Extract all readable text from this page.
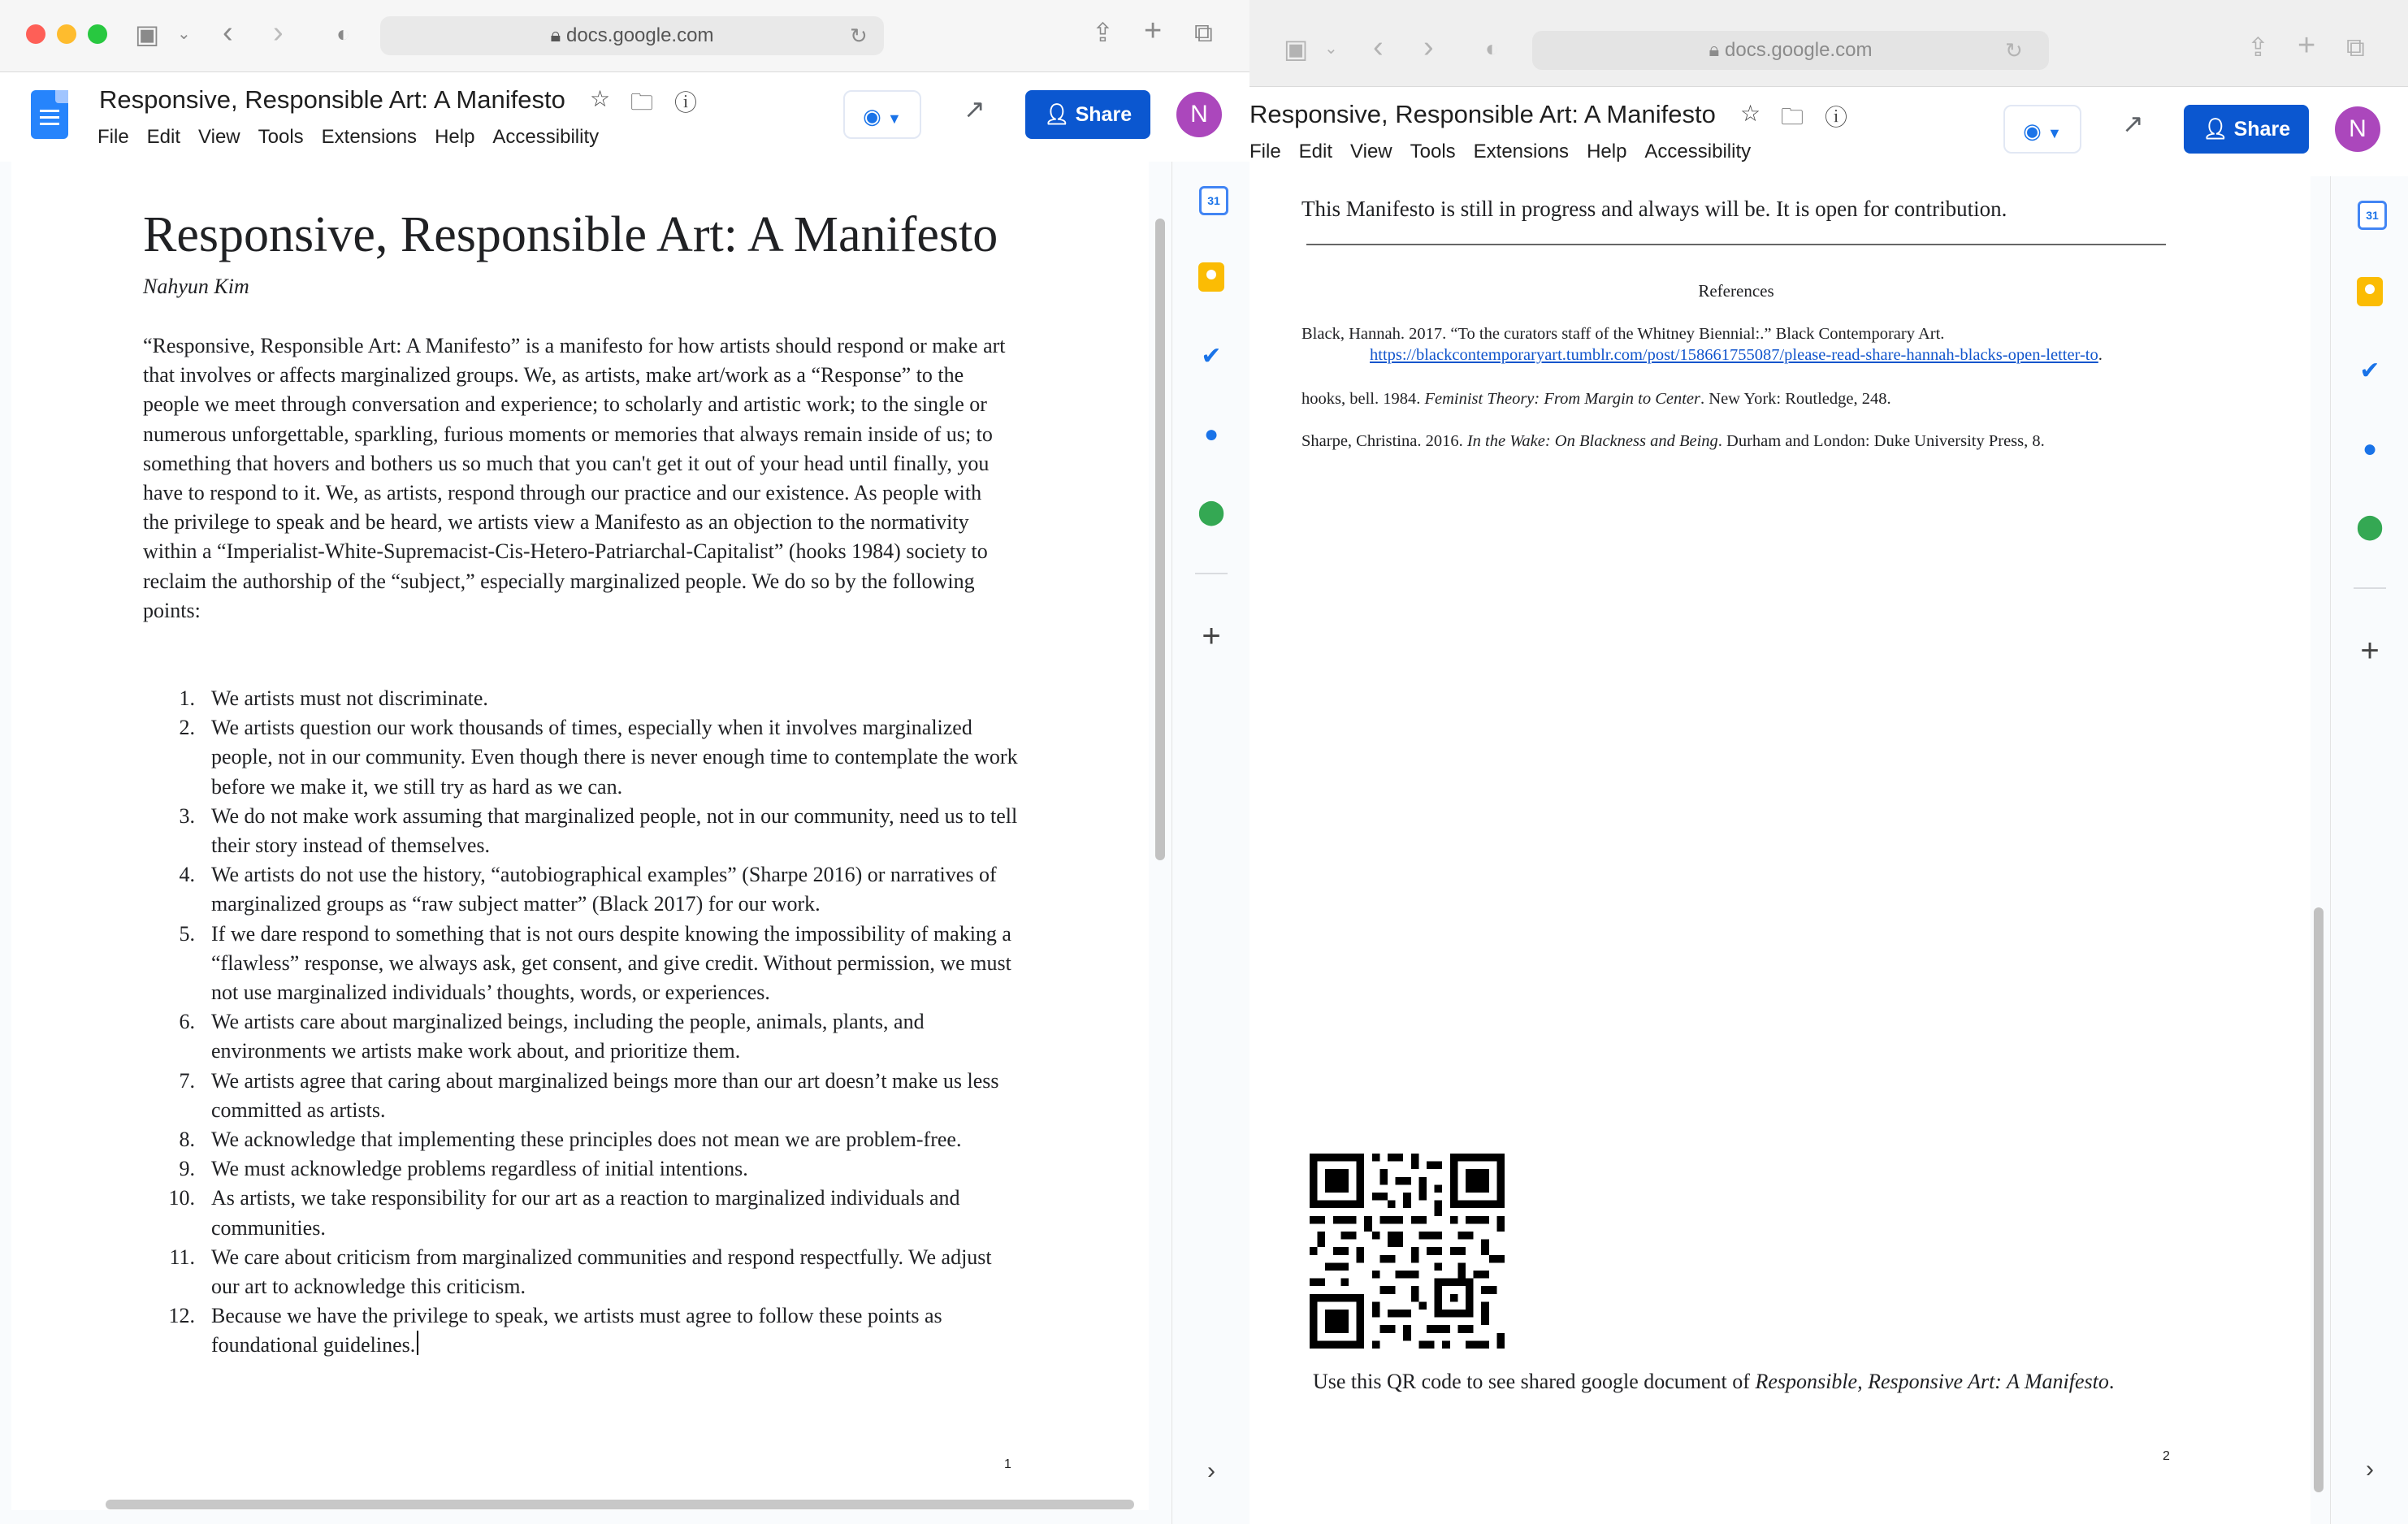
▣ ⌄ ‹ › ◐	🔒︎ docs.google.com	↻	⇪ + ⧉
Responsive, Responsible Art: A Manifesto ☆ 🗀 ⓘ
File Edit View Tools Extensions Help Accessibility
◉ ▼	↗	👤︎ Share	N
31
✔
●
⬤
+
›
Responsive, Responsible Art: A Manifesto
Nahyun Kim
“Responsive, Responsible Art: A Manifesto” is a manifesto for how artists should respond or make art that involves or affects marginalized groups. We, as artists, make art/work as a “Response” to the people we meet through conversation and experience; to scholarly and artistic work; to the single or numerous unforgettable, sparkling, furious moments or memories that always remain inside of us; to something that hovers and bothers us so much that you can't get it out of your head until finally, you have to respond to it. We, as artists, respond through our practice and our existence. As people with the privilege to speak and be heard, we artists view a Manifesto as an objection to the normativity within a “Imperialist-White-Supremacist-Cis-Hetero-Patriarchal-Capitalist” (hooks 1984) society to reclaim the authorship of the “subject,” especially marginalized people. We do so by the following points:
1. We artists must not discriminate.
2. We artists question our work thousands of times, especially when it involves marginalized people, not in our community. Even though there is never enough time to contemplate the work before we make it, we still try as hard as we can.
3. We do not make work assuming that marginalized people, not in our community, need us to tell their story instead of themselves.
4. We artists do not use the history, “autobiographical examples” (Sharpe 2016) or narratives of marginalized groups as “raw subject matter” (Black 2017) for our work.
5. If we dare respond to something that is not ours despite knowing the impossibility of making a “flawless” response, we always ask, get consent, and give credit. Without permission, we must not use marginalized individuals’ thoughts, words, or experiences.
6. We artists care about marginalized beings, including the people, animals, plants, and environments we artists make work about, and prioritize them.
7. We artists agree that caring about marginalized beings more than our art doesn’t make us less committed as artists.
8. We acknowledge that implementing these principles does not mean we are problem-free.
9. We must acknowledge problems regardless of initial intentions.
10. As artists, we take responsibility for our art as a reaction to marginalized individuals and communities.
11. We care about criticism from marginalized communities and respond respectfully. We adjust our art to acknowledge this criticism.
12. Because we have the privilege to speak, we artists must agree to follow these points as foundational guidelines.
1
▣ ⌄ ‹ › ◐	🔒︎ docs.google.com	↻	⇪ + ⧉
Responsive, Responsible Art: A Manifesto ☆ 🗀 ⓘ
File Edit View Tools Extensions Help Accessibility
◉ ▼	↗	👤︎ Share	N
31
✔
●
⬤
+
›
This Manifesto is still in progress and always will be. It is open for contribution.
References
Black, Hannah. 2017. “To the curators staff of the Whitney Biennial:.” Black Contemporary Art.
https://blackcontemporaryart.tumblr.com/post/158661755087/please-read-share-hannah-blacks-open-letter-to.
hooks, bell. 1984. Feminist Theory: From Margin to Center. New York: Routledge, 248.
Sharpe, Christina. 2016. In the Wake: On Blackness and Being. Durham and London: Duke University Press, 8.
Use this QR code to see shared google document of Responsible, Responsive Art: A Manifesto.
2
